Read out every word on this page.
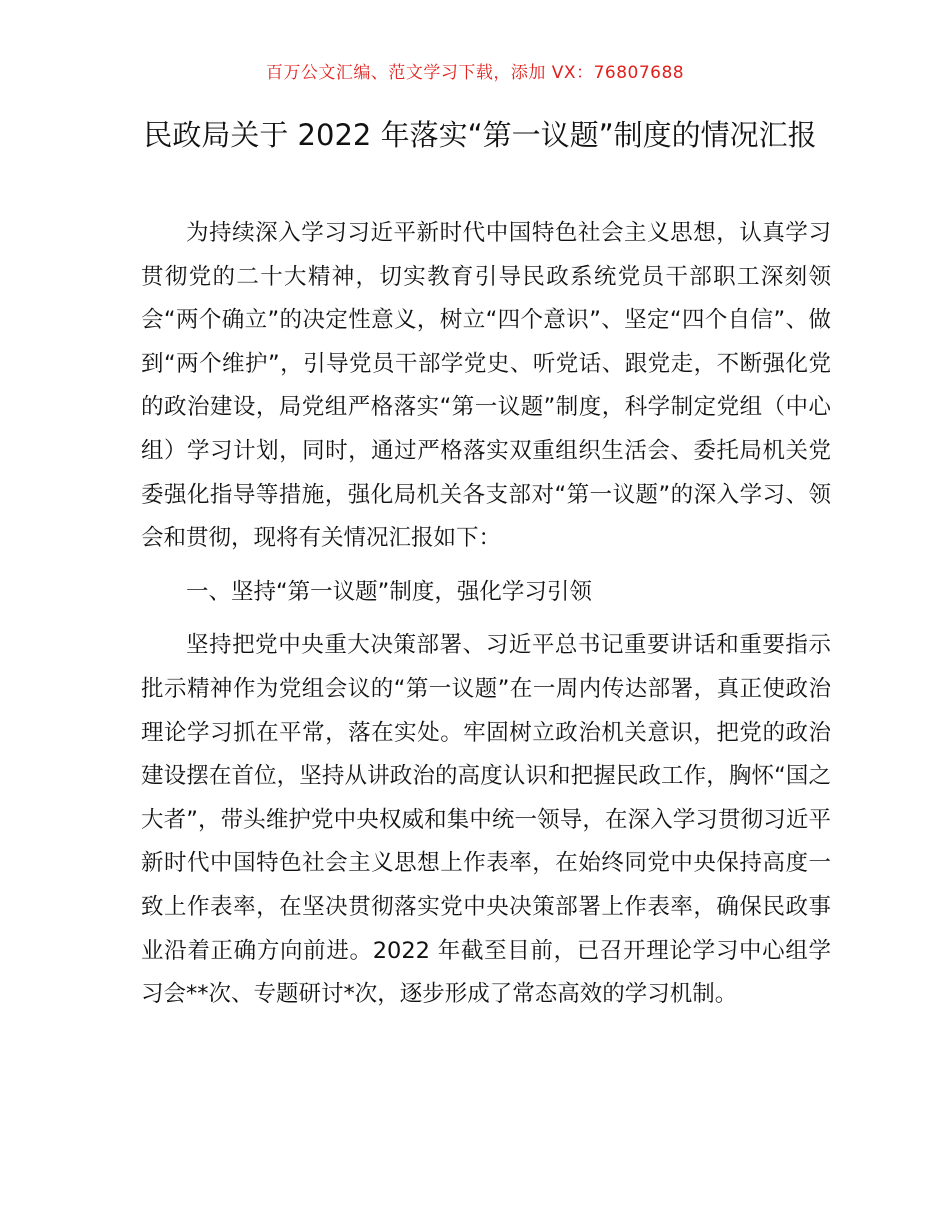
百万公文汇编、范文学习下载，添加 VX：76807688
民政局关于 2022 年落实“第一议题”制度的情况汇报

为持续深入学习习近平新时代中国特色社会主义思想，认真学习贯彻党的二十大精神，切实教育引导民政系统党员干部职工深刻领会“两个确立”的决定性意义，树立“四个意识”、坚定“四个自信”、做到“两个维护”，引导党员干部学党史、听党话、跟党走，不断强化党的政治建设，局党组严格落实“第一议题”制度，科学制定党组（中心组）学习计划，同时，通过严格落实双重组织生活会、委托局机关党委强化指导等措施，强化局机关各支部对“第一议题”的深入学习、领会和贯彻，现将有关情况汇报如下：

一、坚持“第一议题”制度，强化学习引领

坚持把党中央重大决策部署、习近平总书记重要讲话和重要指示批示精神作为党组会议的“第一议题”在一周内传达部署，真正使政治理论学习抓在平常，落在实处。牢固树立政治机关意识，把党的政治建设摆在首位，坚持从讲政治的高度认识和把握民政工作，胸怀“国之大者”，带头维护党中央权威和集中统一领导，在深入学习贯彻习近平新时代中国特色社会主义思想上作表率，在始终同党中央保持高度一致上作表率，在坚决贯彻落实党中央决策部署上作表率，确保民政事业沿着正确方向前进。2022 年截至目前，已召开理论学习中心组学习会**次、专题研讨*次，逐步形成了常态高效的学习机制。
